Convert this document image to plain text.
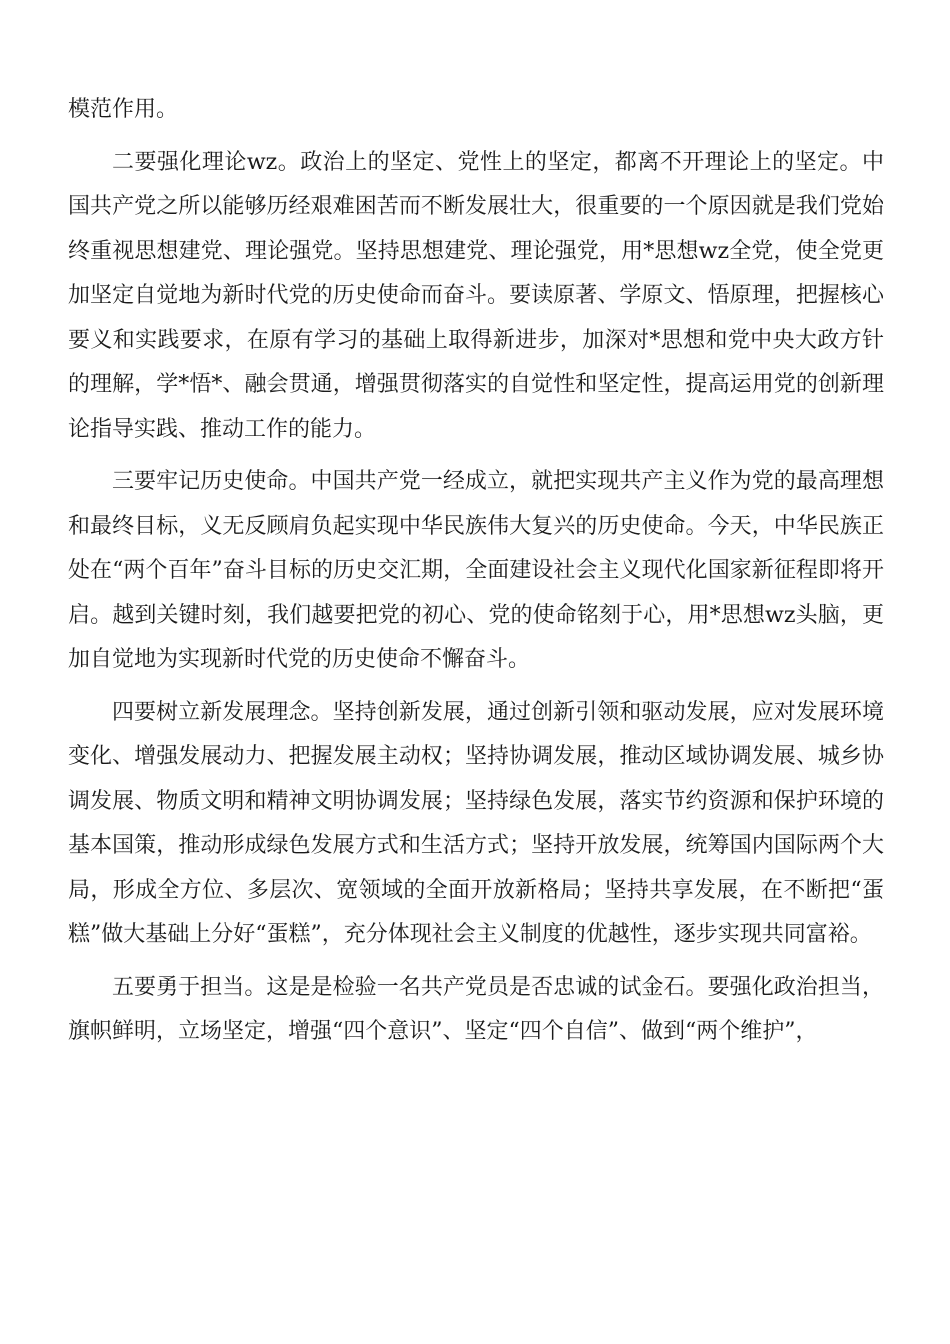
模范作用。

二要强化理论wz。政治上的坚定、党性上的坚定，都离不开理论上的坚定。中国共产党之所以能够历经艰难困苦而不断发展壮大，很重要的一个原因就是我们党始终重视思想建党、理论强党。坚持思想建党、理论强党，用*思想wz全党，使全党更加坚定自觉地为新时代党的历史使命而奋斗。要读原著、学原文、悟原理，把握核心要义和实践要求，在原有学习的基础上取得新进步，加深对*思想和党中央大政方针的理解，学*悟*、融会贯通，增强贯彻落实的自觉性和坚定性，提高运用党的创新理论指导实践、推动工作的能力。

三要牢记历史使命。中国共产党一经成立，就把实现共产主义作为党的最高理想和最终目标，义无反顾肩负起实现中华民族伟大复兴的历史使命。今天，中华民族正处在“两个百年”奋斗目标的历史交汇期，全面建设社会主义现代化国家新征程即将开启。越到关键时刻，我们越要把党的初心、党的使命铭刻于心，用*思想wz头脑，更加自觉地为实现新时代党的历史使命不懈奋斗。

四要树立新发展理念。坚持创新发展，通过创新引领和驱动发展，应对发展环境变化、增强发展动力、把握发展主动权；坚持协调发展，推动区域协调发展、城乡协调发展、物质文明和精神文明协调发展；坚持绿色发展，落实节约资源和保护环境的基本国策，推动形成绿色发展方式和生活方式；坚持开放发展，统筹国内国际两个大局，形成全方位、多层次、宽领域的全面开放新格局；坚持共享发展，在不断把“蛋糕”做大基础上分好“蛋糕”，充分体现社会主义制度的优越性，逐步实现共同富裕。

五要勇于担当。这是是检验一名共产党员是否忠诚的试金石。要强化政治担当，旗帜鲜明，立场坚定，增强“四个意识”、坚定“四个自信”、做到“两个维护”，
